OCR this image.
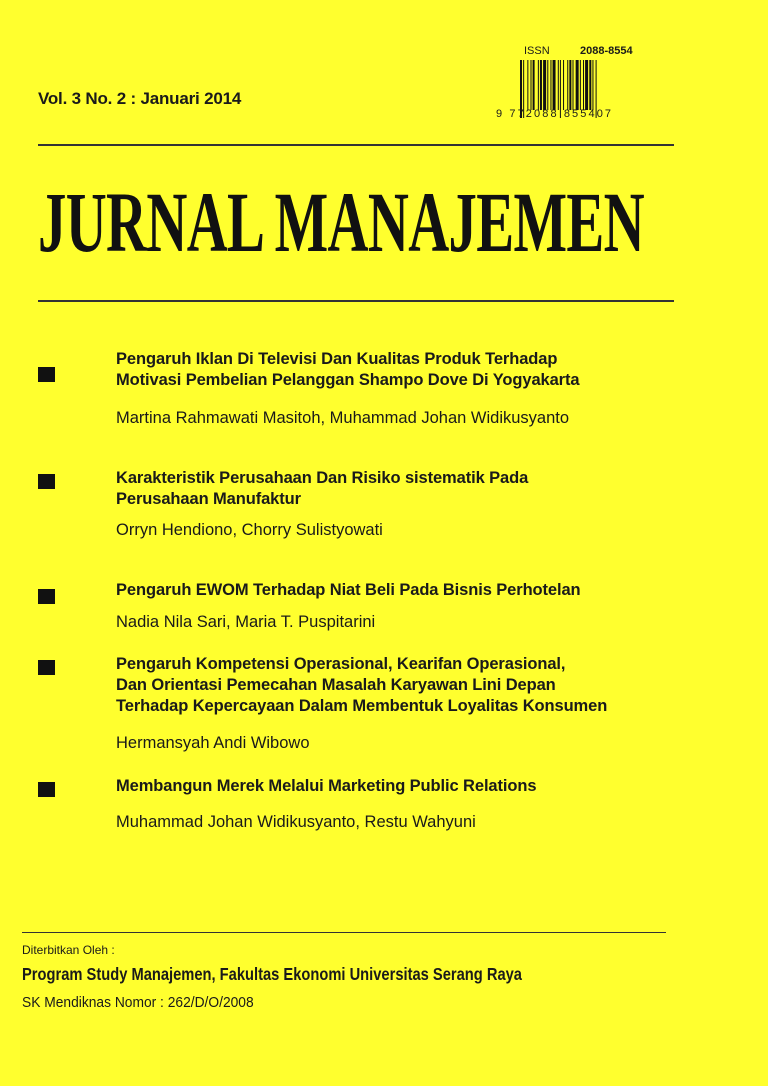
Vol. 3 No. 2 : Januari 2014
ISSN	2088-8554
9 772088 855407
JURNAL MANAJEMEN
Pengaruh Iklan Di Televisi Dan Kualitas Produk Terhadap
Motivasi Pembelian Pelanggan Shampo Dove Di Yogyakarta
Martina Rahmawati Masitoh, Muhammad Johan Widikusyanto
Karakteristik Perusahaan Dan Risiko sistematik Pada
Perusahaan Manufaktur
Orryn Hendiono, Chorry Sulistyowati
Pengaruh EWOM Terhadap Niat Beli Pada Bisnis Perhotelan
Nadia Nila Sari, Maria T. Puspitarini
Pengaruh Kompetensi Operasional, Kearifan Operasional,
Dan Orientasi Pemecahan Masalah Karyawan Lini Depan
Terhadap Kepercayaan Dalam Membentuk Loyalitas Konsumen
Hermansyah Andi Wibowo
Membangun Merek Melalui Marketing Public Relations
Muhammad Johan Widikusyanto, Restu Wahyuni
Diterbitkan Oleh :
Program Study Manajemen, Fakultas Ekonomi Universitas Serang Raya
SK Mendiknas Nomor : 262/D/O/2008
